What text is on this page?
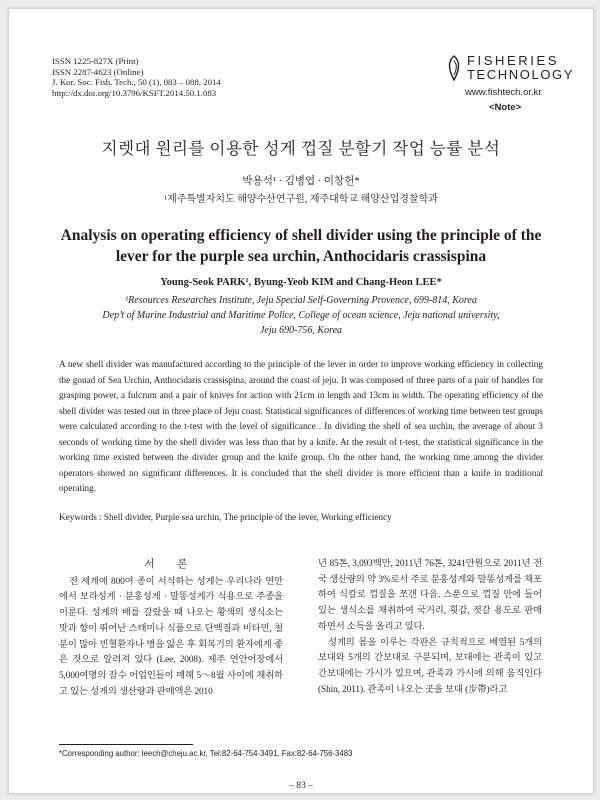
ISSN 1225-827X (Print)
ISSN 2287-4623 (Online)
J. Kor. Soc. Fish. Tech., 50 (1), 083 – 088, 2014
http://dx.doi.org/10.3796/KSFT.2014.50.1.083
FISHERIES
TECHNOLOGY
www.fishtech.or.kr
<Note>
지렛대 원리를 이용한 성게 껍질 분할기 작업 능률 분석
박용석¹ · 김병엽 · 이창헌*
¹제주특별자치도 해양수산연구원, 제주대학교 해양산업경찰학과
Analysis on operating efficiency of shell divider using the principle of the lever for the purple sea urchin, Anthocidaris crassispina
Young-Seok PARK¹, Byung-Yeob KIM and Chang-Heon LEE*
¹Resources Researches Institute, Jeju Special Self-Governing Provence, 699-814, Korea
Dep’t of Marine Industrial and Maritime Police, College of ocean science, Jeju national university,
Jeju 690-756, Korea
A new shell divider was manufactured according to the principle of the lever in order to improve working efficiency in collecting the gonad of Sea Urchin, Anthocidaris crassispina, around the coast of jeju. It was composed of three parts of a pair of handles for grasping power, a fulcrum and a pair of knives for action with 21cm in length and 13cm in width. The operating efficiency of the shell divider was tested out in three place of Jeju coast. Statistical significances of differences of working time between test groups were calculated according to the t-test with the level of significance . In dividing the shell of sea urchin, the average of about 3 seconds of working time by the shell divider was less than that by a knife. At the result of t-test, the statistical significance in the working time existed between the divider group and the knife group. On the other hand, the working time among the divider operators showed no significant differences. It is concluded that the shell divider is more efficient than a knife in traditional operating.
Keywords : Shell divider, Purple sea urchin, The principle of the lever, Working efficiency
서 론

전 세계에 800여 종이 서식하는 성게는 우리나라 연안에서 보라성게 · 분홍성게 · 말똥성게가 식용으로 주종을 이룬다. 성게의 배를 갈랐을 때 나오는 황색의 생식소는 맛과 향이 뛰어난 스태미나 식품으로 단백질과 비타민, 철분이 많아 빈혈환자나 병을 앓은 후 회복기의 환자에게 좋은 것으로 알려져 있다 (Lee, 2008). 제주 연안어장에서 5,000여명의 잠수 어업인들이 매해 5～8월 사이에 채취하고 있는 성게의 생산량과 판매액은 2010

년 85톤, 3,093백만, 2011년 76톤, 3241만원으로 2011년 전국 생산량의 약 3%로서 주로 분홍성게와 말똥성게를 채포하여 식칼로 껍질을 쪼갠 다음, 스푼으로 껍질 안에 들어 있는 생식소를 채취하여 국거리, 횟감, 젓갈 용도로 판매하면서 소득을 올리고 있다.

성게의 몸을 이루는 각판은 규칙적으로 배열된 5개의 보대와 5개의 간보대로 구분되며, 보대에는 관족이 있고 간보대에는 가시가 있으며, 관족과 가시에 의해 움직인다 (Shin, 2011). 관족이 나오는 곳을 보대 (步帶)라고

*Corresponding author: leech@cheju.ac.kr, Tel:82-64-754-3491, Fax:82-64-756-3483
– 83 –
